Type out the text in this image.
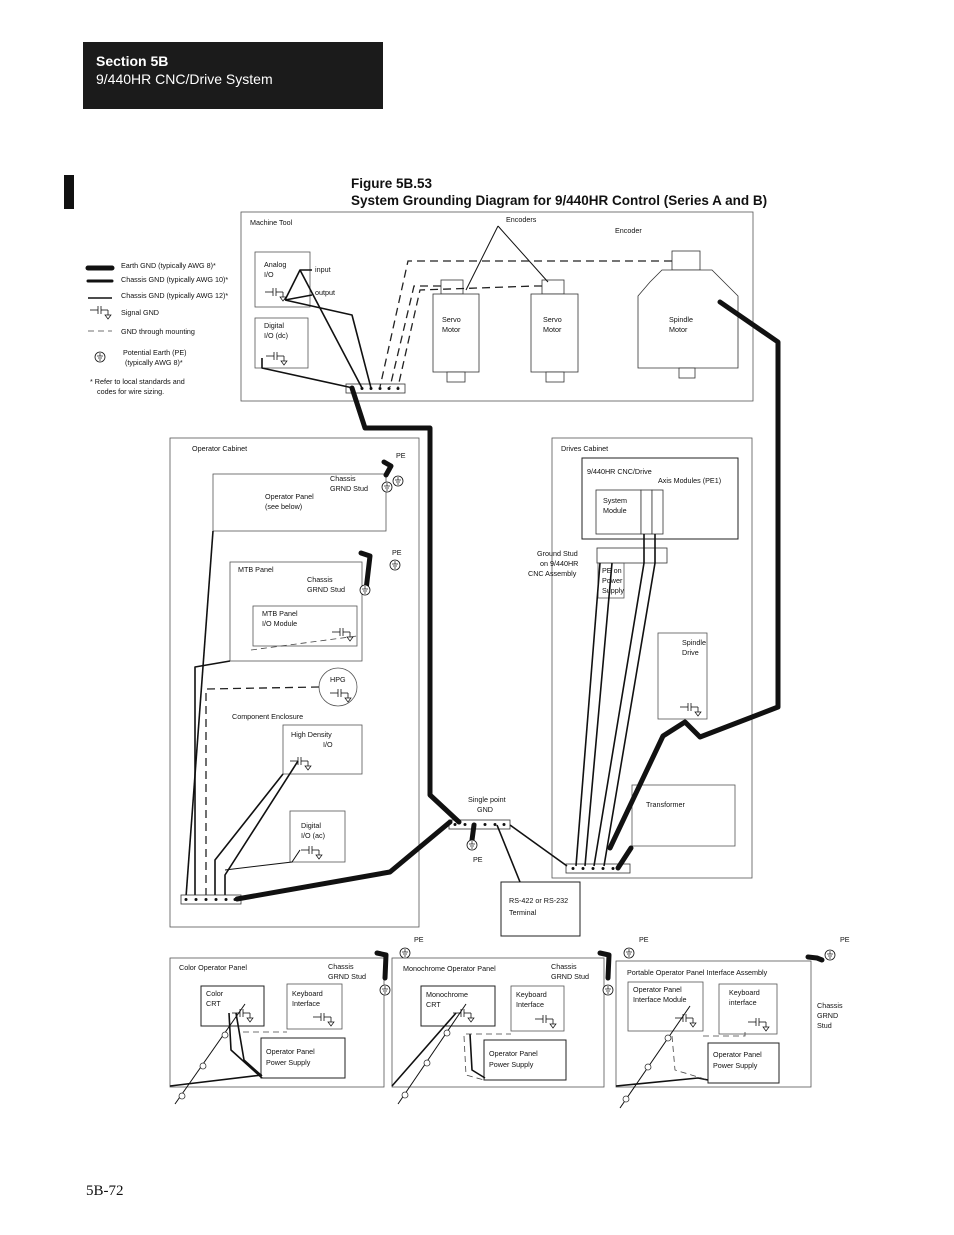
Section 5B
9/440HR CNC/Drive System
Figure 5B.53
System Grounding Diagram for 9/440HR Control (Series A and B)
Earth GND (typically AWG 8)*
Chassis GND (typically AWG 10)*
Chassis GND (typically AWG 12)*
Signal GND
GND through mounting
Potential Earth (PE)
(typically AWG 8)*
* Refer to local standards and
codes for wire sizing.
Machine Tool	Encoders
Encoder
Analog
I/O
input
output
Digital
I/O (dc)
Servo
Motor
Servo
Motor
Spindle
Motor
Operator Cabinet
PE
Chassis
GRND Stud
Operator Panel
(see below)
PE
MTB Panel
Chassis
GRND Stud
MTB Panel
I/O Module
HPG
Component Enclosure
High Density
I/O
Digital
I/O (ac)
Single point
GND
PE
RS-422 or RS-232
Terminal
Drives Cabinet
9/440HR CNC/Drive
Axis Modules (PE1)
System
Module
Ground Stud
on 9/440HR
CNC Assembly	PE on
Power
Supply
Spindle
Drive
Transformer
Color Operator Panel	Chassis
GRND Stud
PE
Color
CRT
Keyboard
Interface
Operator Panel
Power Supply
Monochrome Operator Panel	Chassis
GRND Stud
PE
Monochrome
CRT
Keyboard
Interface
Operator Panel
Power Supply
Portable Operator Panel Interface Assembly
PE
Chassis
GRND
Stud
Operator Panel
Interface Module
Keyboard
interface
Operator Panel
Power Supply
5B-72
